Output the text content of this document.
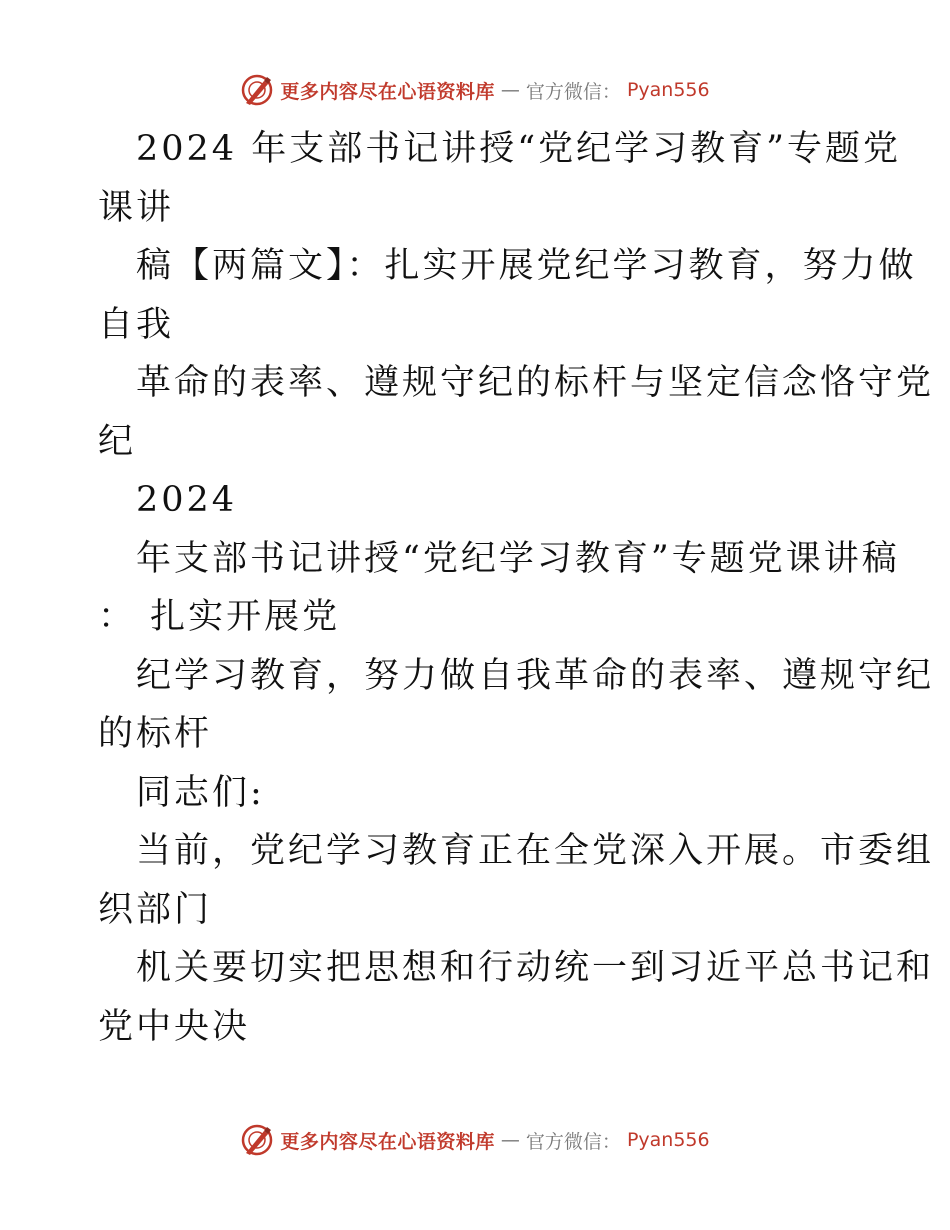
更多内容尽在心语资料库 — 官方微信： Pyan556

2024 年支部书记讲授“党纪学习教育”专题党

课讲

稿【两篇文】：扎实开展党纪学习教育，努力做

自我

革命的表率、遵规守纪的标杆与坚定信念恪守党

纪

2024

年支部书记讲授“党纪学习教育”专题党课讲稿

： 扎实开展党

纪学习教育，努力做自我革命的表率、遵规守纪

的标杆

同志们:

当前，党纪学习教育正在全党深入开展。市委组

织部门

机关要切实把思想和行动统一到习近平总书记和

党中央决

更多内容尽在心语资料库 — 官方微信： Pyan556
